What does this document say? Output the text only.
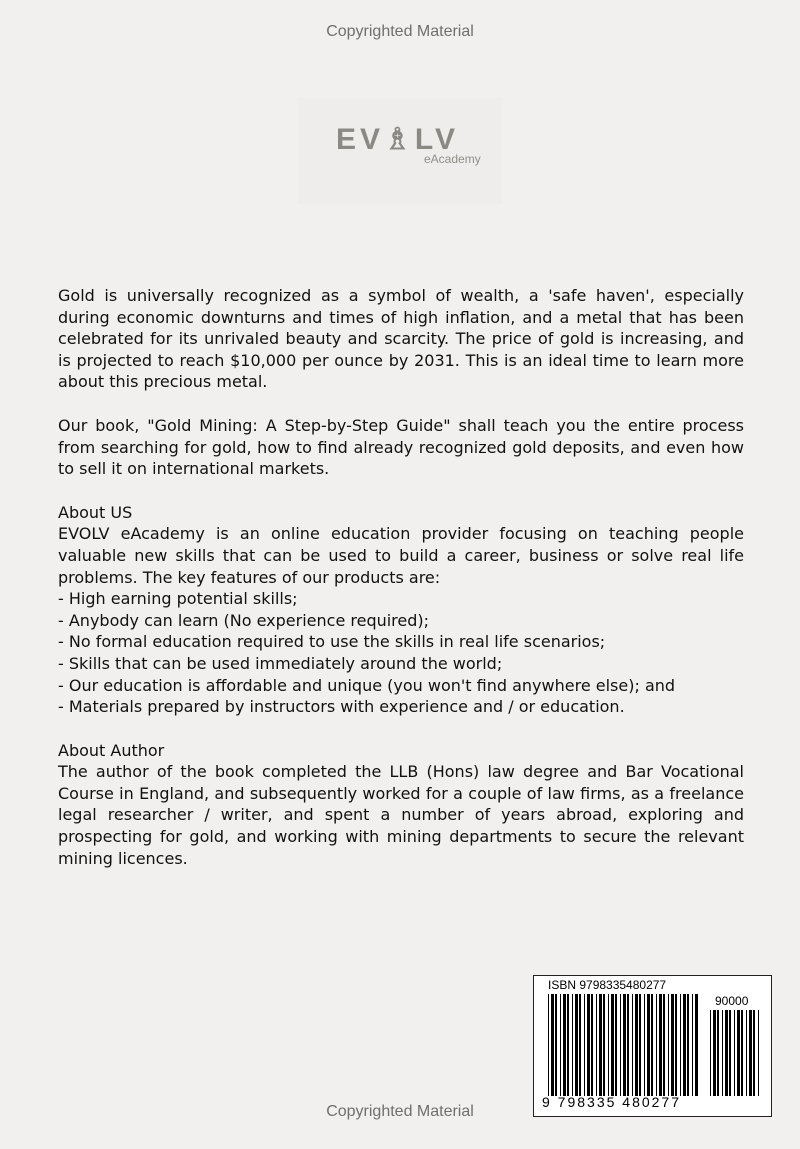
Copyrighted Material
EV♗LV
eAcademy

Gold is universally recognized as a symbol of wealth, a 'safe haven', especially during economic downturns and times of high inflation, and a metal that has been celebrated for its unrivaled beauty and scarcity. The price of gold is increasing, and is projected to reach $10,000 per ounce by 2031. This is an ideal time to learn more about this precious metal.

Our book, "Gold Mining: A Step-by-Step Guide" shall teach you the entire process from searching for gold, how to find already recognized gold deposits, and even how to sell it on international markets.

About US

EVOLV eAcademy is an online education provider focusing on teaching people valuable new skills that can be used to build a career, business or solve real life problems. The key features of our products are:

- High earning potential skills;

- Anybody can learn (No experience required);

- No formal education required to use the skills in real life scenarios;

- Skills that can be used immediately around the world;

- Our education is affordable and unique (you won't find anywhere else); and

- Materials prepared by instructors with experience and / or education.

About Author

The author of the book completed the LLB (Hons) law degree and Bar Vocational Course in England, and subsequently worked for a couple of law firms, as a freelance legal researcher / writer, and spent a number of years abroad, exploring and prospecting for gold, and working with mining departments to secure the relevant mining licences.

ISBN 9798335480277
90000
9 798335 480277
Copyrighted Material
